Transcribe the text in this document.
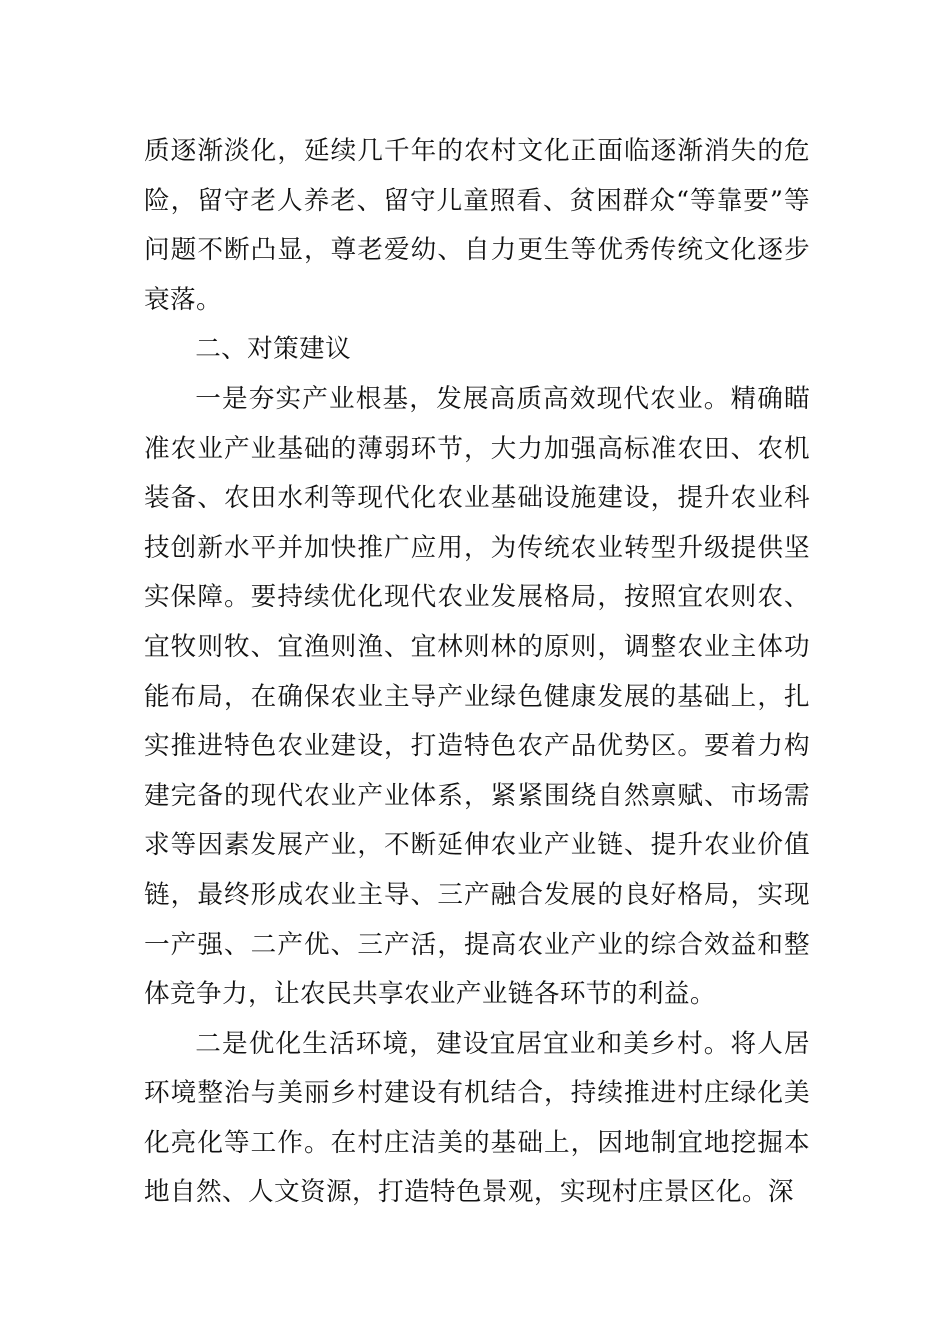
质逐渐淡化，延续几千年的农村文化正面临逐渐消失的危险，留守老人养老、留守儿童照看、贫困群众“等靠要”等问题不断凸显，尊老爱幼、自力更生等优秀传统文化逐步衰落。

二、对策建议

一是夯实产业根基，发展高质高效现代农业。精确瞄准农业产业基础的薄弱环节，大力加强高标准农田、农机装备、农田水利等现代化农业基础设施建设，提升农业科技创新水平并加快推广应用，为传统农业转型升级提供坚实保障。要持续优化现代农业发展格局，按照宜农则农、宜牧则牧、宜渔则渔、宜林则林的原则，调整农业主体功能布局，在确保农业主导产业绿色健康发展的基础上，扎实推进特色农业建设，打造特色农产品优势区。要着力构建完备的现代农业产业体系，紧紧围绕自然禀赋、市场需求等因素发展产业，不断延伸农业产业链、提升农业价值链，最终形成农业主导、三产融合发展的良好格局，实现一产强、二产优、三产活，提高农业产业的综合效益和整体竞争力，让农民共享农业产业链各环节的利益。

二是优化生活环境，建设宜居宜业和美乡村。将人居环境整治与美丽乡村建设有机结合，持续推进村庄绿化美化亮化等工作。在村庄洁美的基础上，因地制宜地挖掘本地自然、人文资源，打造特色景观，实现村庄景区化。深
